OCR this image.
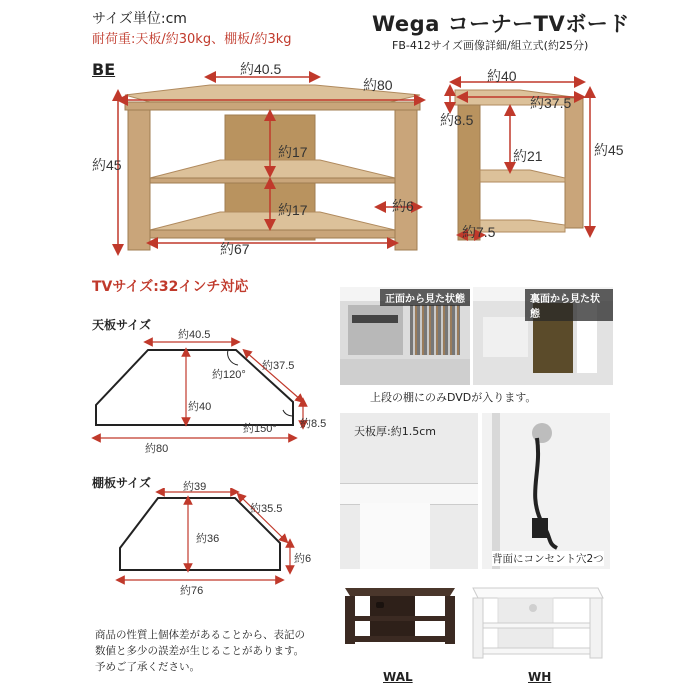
サイズ単位:cm
耐荷重:天板/約30kg、棚板/約3kg
Wega コーナーTVボード
FB-412サイズ画像詳細/組立式(約25分)
BE	約40.5
約80
約45
約17
約17	約6
約67
約40
約37.5
約8.5
約45
約21
約7.5
TVサイズ:32インチ対応
天板サイズ
約40.5
約37.5
約120°
約40
約8.5
約150°
約80
棚板サイズ	約39
約35.5
約36
約6
約76
商品の性質上個体差があることから、表記の数値と多少の誤差が生じることがあります。予めご了承ください。
正面から見た状態	裏面から見た状態
上段の棚にのみDVDが入ります。
天板厚:約1.5cm
背面にコンセント穴2つ
WAL	WH
